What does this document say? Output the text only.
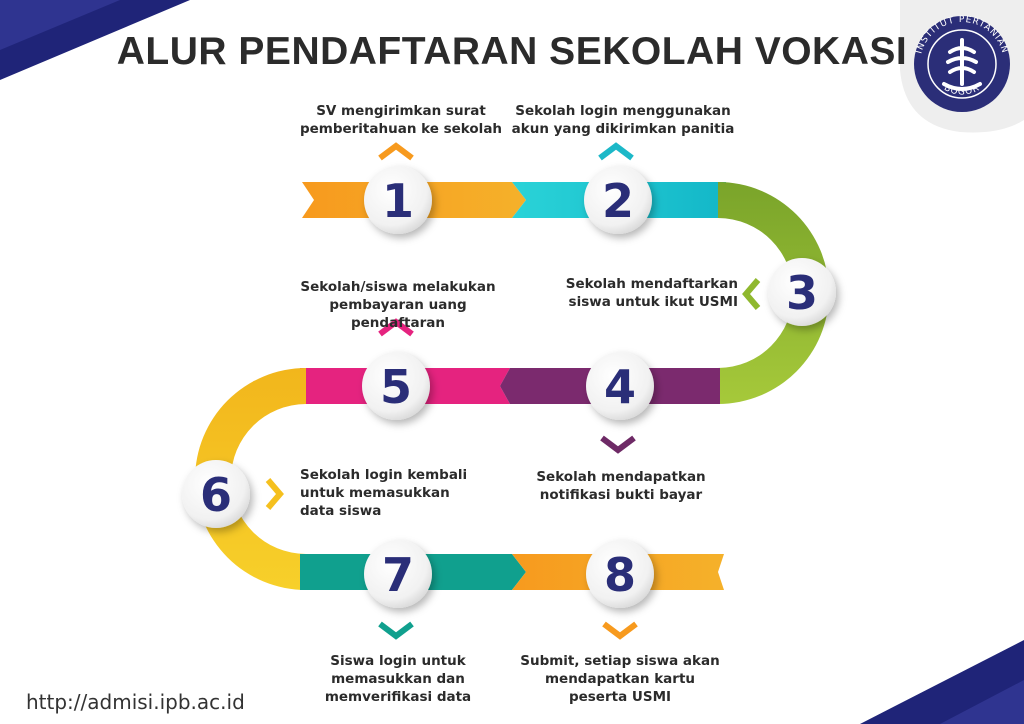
INSTITUT PERTANIAN
BOGOR
1	2
3
4
5
6
7	8
ALUR PENDAFTARAN SEKOLAH VOKASI
SV mengirimkan surat
pemberitahuan ke sekolah
Sekolah login menggunakan
akun yang dikirimkan panitia
Sekolah mendaftarkan
siswa untuk ikut USMI
Sekolah mendapatkan
notifikasi bukti bayar
Sekolah/siswa melakukan
pembayaran uang pendaftaran
Sekolah login kembali
untuk memasukkan
data siswa
Siswa login untuk
memasukkan dan
memverifikasi data
Submit, setiap siswa akan
mendapatkan kartu
peserta USMI
http://admisi.ipb.ac.id
